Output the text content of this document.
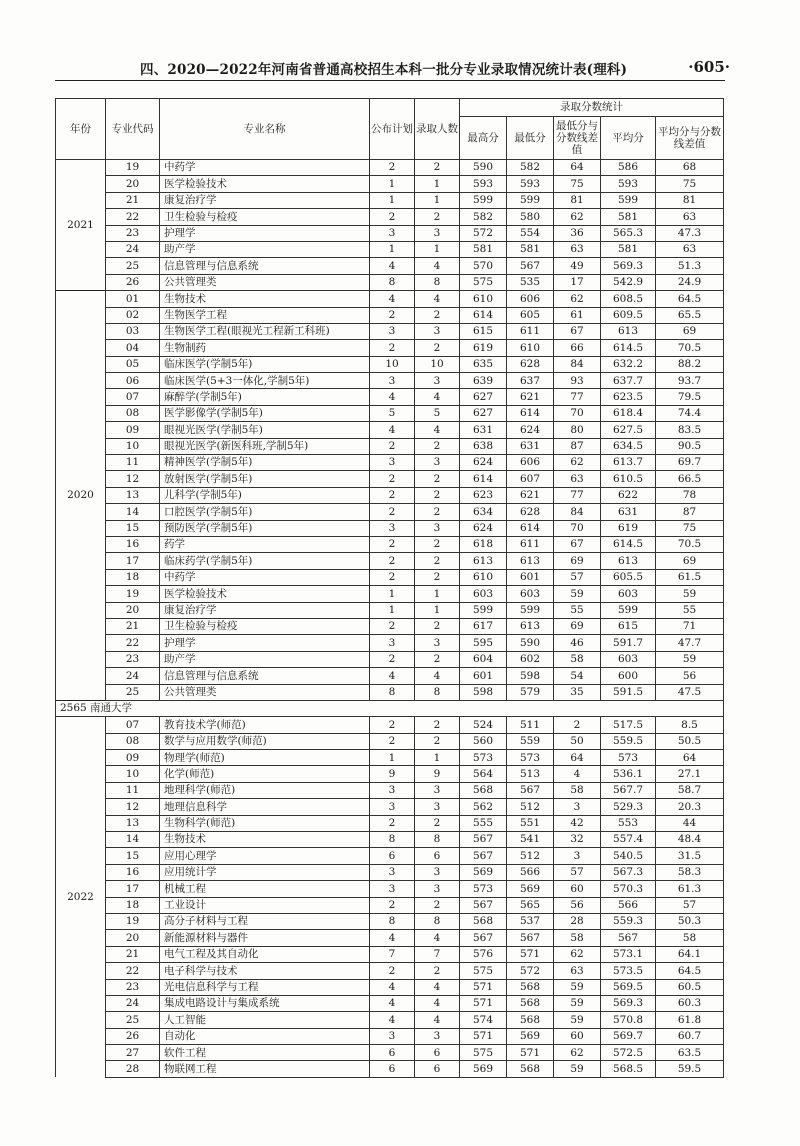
四、2020—2022年河南省普通高校招生本科一批分专业录取情况统计表(理科)	·605·
年份	专业代码	专业名称	公布计划	录取人数	录取分数统计				
					最高分	最低分	最低分与分数线差值	平均分	平均分与分数线差值
2021	19	中药学	2	2	590	582	64	586	68
	20	医学检验技术	1	1	593	593	75	593	75
	21	康复治疗学	1	1	599	599	81	599	81
	22	卫生检验与检疫	2	2	582	580	62	581	63
	23	护理学	3	3	572	554	36	565.3	47.3
	24	助产学	1	1	581	581	63	581	63
	25	信息管理与信息系统	4	4	570	567	49	569.3	51.3
	26	公共管理类	8	8	575	535	17	542.9	24.9
2020	01	生物技术	4	4	610	606	62	608.5	64.5
	02	生物医学工程	2	2	614	605	61	609.5	65.5
	03	生物医学工程(眼视光工程新工科班)	3	3	615	611	67	613	69
	04	生物制药	2	2	619	610	66	614.5	70.5
	05	临床医学(学制5年)	10	10	635	628	84	632.2	88.2
	06	临床医学(5+3一体化,学制5年)	3	3	639	637	93	637.7	93.7
	07	麻醉学(学制5年)	4	4	627	621	77	623.5	79.5
	08	医学影像学(学制5年)	5	5	627	614	70	618.4	74.4
	09	眼视光医学(学制5年)	4	4	631	624	80	627.5	83.5
	10	眼视光医学(新医科班,学制5年)	2	2	638	631	87	634.5	90.5
	11	精神医学(学制5年)	3	3	624	606	62	613.7	69.7
	12	放射医学(学制5年)	2	2	614	607	63	610.5	66.5
	13	儿科学(学制5年)	2	2	623	621	77	622	78
	14	口腔医学(学制5年)	2	2	634	628	84	631	87
	15	预防医学(学制5年)	3	3	624	614	70	619	75
	16	药学	2	2	618	611	67	614.5	70.5
	17	临床药学(学制5年)	2	2	613	613	69	613	69
	18	中药学	2	2	610	601	57	605.5	61.5
	19	医学检验技术	1	1	603	603	59	603	59
	20	康复治疗学	1	1	599	599	55	599	55
	21	卫生检验与检疫	2	2	617	613	69	615	71
	22	护理学	3	3	595	590	46	591.7	47.7
	23	助产学	2	2	604	602	58	603	59
	24	信息管理与信息系统	4	4	601	598	54	600	56
	25	公共管理类	8	8	598	579	35	591.5	47.5
2565 南通大学									
2022	07	教育技术学(师范)	2	2	524	511	2	517.5	8.5
	08	数学与应用数学(师范)	2	2	560	559	50	559.5	50.5
	09	物理学(师范)	1	1	573	573	64	573	64
	10	化学(师范)	9	9	564	513	4	536.1	27.1
	11	地理科学(师范)	3	3	568	567	58	567.7	58.7
	12	地理信息科学	3	3	562	512	3	529.3	20.3
	13	生物科学(师范)	2	2	555	551	42	553	44
	14	生物技术	8	8	567	541	32	557.4	48.4
	15	应用心理学	6	6	567	512	3	540.5	31.5
	16	应用统计学	3	3	569	566	57	567.3	58.3
	17	机械工程	3	3	573	569	60	570.3	61.3
	18	工业设计	2	2	567	565	56	566	57
	19	高分子材料与工程	8	8	568	537	28	559.3	50.3
	20	新能源材料与器件	4	4	567	567	58	567	58
	21	电气工程及其自动化	7	7	576	571	62	573.1	64.1
	22	电子科学与技术	2	2	575	572	63	573.5	64.5
	23	光电信息科学与工程	4	4	571	568	59	569.5	60.5
	24	集成电路设计与集成系统	4	4	571	568	59	569.3	60.3
	25	人工智能	4	4	574	568	59	570.8	61.8
	26	自动化	3	3	571	569	60	569.7	60.7
	27	软件工程	6	6	575	571	62	572.5	63.5
	28	物联网工程	6	6	569	568	59	568.5	59.5
